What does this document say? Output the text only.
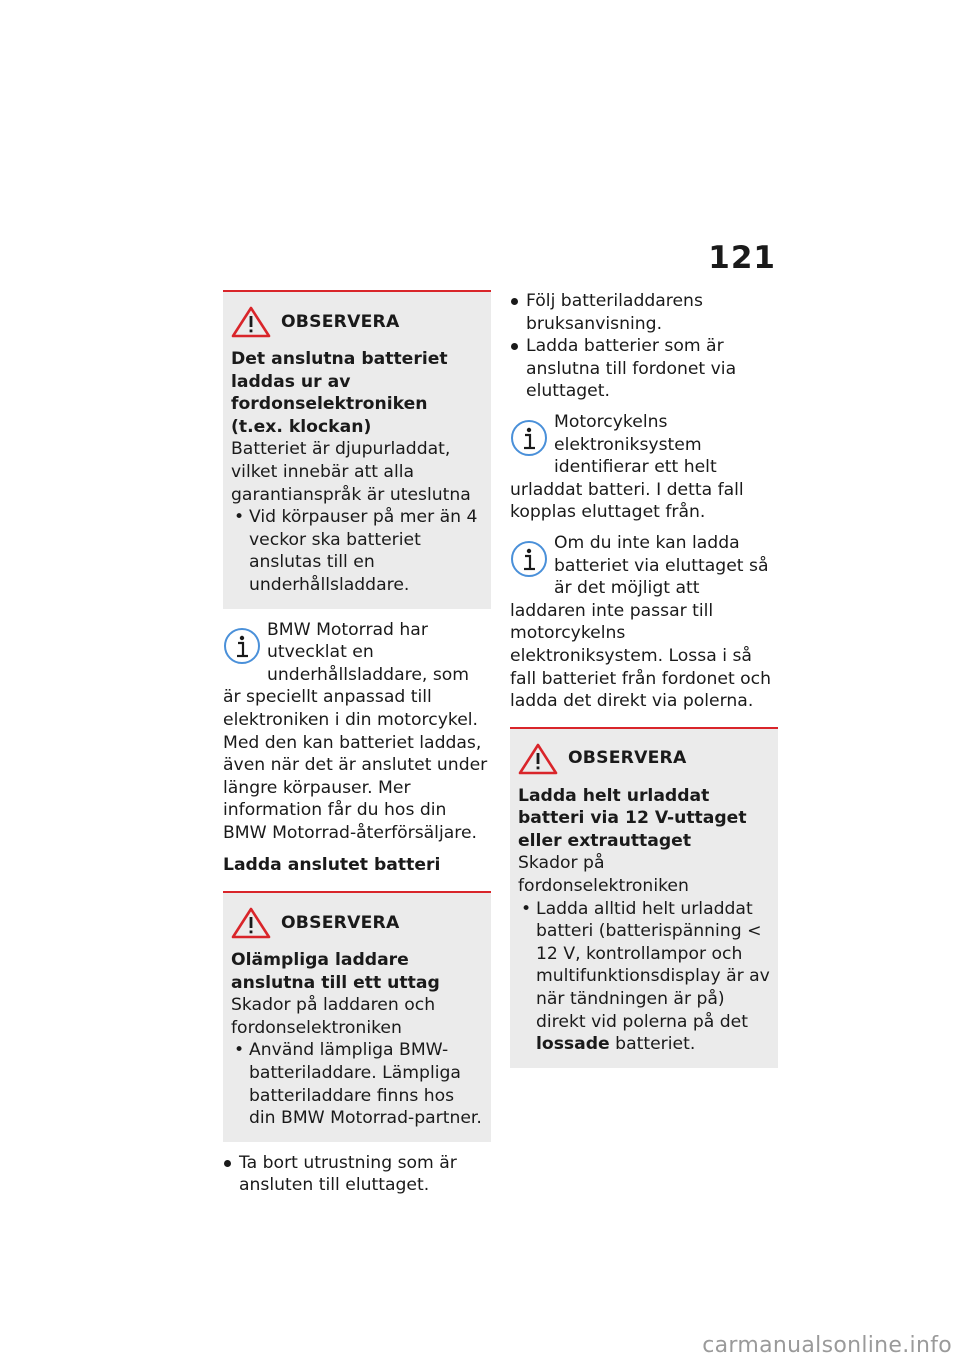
121
OBSERVERA

Det anslutna batteriet laddas ur av fordonselektroniken (t.ex. klockan)

Batteriet är djupurladdat, vilket innebär att alla garantianspråk är uteslutna

• Vid körpauser på mer än 4 veckor ska batteriet anslutas till en underhållsladdare.
BMW Motorrad har utvecklat en underhållsladdare, som är speciellt anpassad till elektroniken i din motorcykel. Med den kan batteriet laddas, även när det är anslutet under längre körpauser. Mer information får du hos din BMW Motorrad-återförsäljare.
Ladda anslutet batteri
OBSERVERA

Olämpliga laddare anslutna till ett uttag

Skador på laddaren och fordonselektroniken

• Använd lämpliga BMW-batteriladdare. Lämpliga batteriladdare finns hos din BMW Motorrad-partner.
Ta bort utrustning som är ansluten till eluttaget.
Följ batteriladdarens bruksanvisning.
Ladda batterier som är anslutna till fordonet via eluttaget.
Motorcykelns elektroniksystem identifierar ett helt urladdat batteri. I detta fall kopplas eluttaget från.
Om du inte kan ladda batteriet via eluttaget så är det möjligt att laddaren inte passar till motorcykelns elektroniksystem. Lossa i så fall batteriet från fordonet och ladda det direkt via polerna.
OBSERVERA

Ladda helt urladdat batteri via 12 V-uttaget eller extrauttaget

Skador på fordonselektroniken

• Ladda alltid helt urladdat batteri (batterispänning < 12 V, kontrollampor och multifunktionsdisplay är av när tändningen är på) direkt vid polerna på det lossade batteriet.
carmanualsonline.info
